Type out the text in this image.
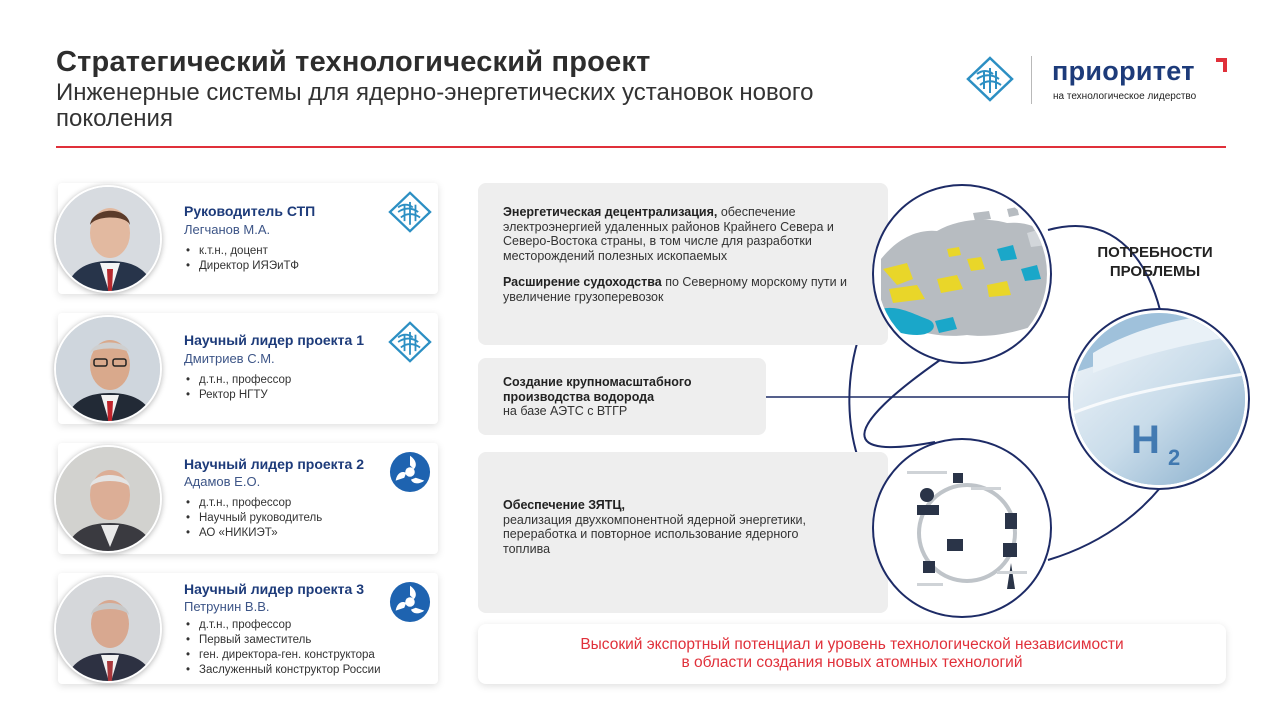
Стратегический технологический проект
Инженерные системы для ядерно-энергетических установок нового поколения
приоритет
на технологическое лидерство
Руководитель СТП
Легчанов М.А.
• к.т.н., доцент
• Директор ИЯЭиТФ
Научный лидер проекта 1
Дмитриев С.М.
• д.т.н., профессор
• Ректор НГТУ
Научный лидер проекта 2
Адамов Е.О.
• д.т.н., профессор
• Научный руководитель
• АО «НИКИЭТ»
Научный лидер проекта 3
Петрунин В.В.
• д.т.н., профессор
• Первый заместитель
• ген. директора-ген. конструктора
• Заслуженный конструктор России
Энергетическая децентрализация, обеспечение электроэнергией удаленных районов Крайнего Севера и Северо-Востока страны, в том числе для разработки месторождений полезных ископаемых
Расширение судоходства по Северному морскому пути и увеличение грузоперевозок
Создание крупномасштабного производства водорода
на базе АЭТС с ВТГР
Обеспечение ЗЯТЦ,
реализация двухкомпонентной ядерной энергетики, переработка и повторное использование ядерного топлива
H 2
ПОТРЕБНОСТИ
ПРОБЛЕМЫ
Высокий экспортный потенциал и уровень технологической независимости
в области создания новых атомных технологий
